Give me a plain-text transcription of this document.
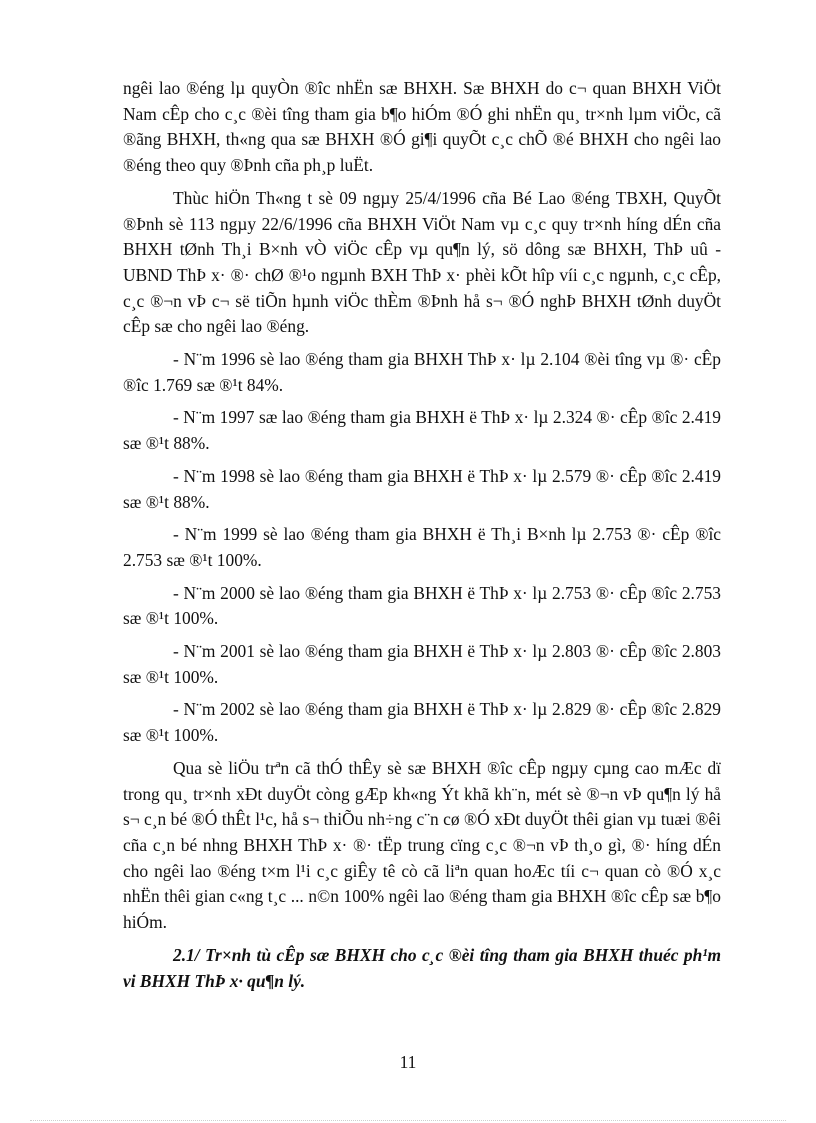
ngêi lao ®éng lµ quyÒn ®îc nhËn sæ BHXH. Sæ BHXH do c¬ quan BHXH ViÖt Nam cÊp cho c¸c ®èi tîng tham gia b¶o hiÓm ®Ó ghi nhËn qu¸ tr×nh lµm viÖc, cã ®ãng BHXH, th«ng qua sæ BHXH ®Ó gi¶i quyÕt c¸c chÕ ®é BHXH cho ngêi lao ®éng theo quy ®Þnh cña ph¸p luËt.

Thùc hiÖn Th«ng t sè 09 ngµy 25/4/1996 cña Bé Lao ®éng TBXH, QuyÕt ®Þnh sè 113 ngµy 22/6/1996 cña BHXH ViÖt Nam vµ c¸c quy tr×nh híng dÉn cña BHXH tØnh Th¸i B×nh vÒ viÖc cÊp vµ qu¶n lý, sö dông sæ BHXH, ThÞ uû - UBND ThÞ x· ®· chØ ®¹o ngµnh BXH ThÞ x· phèi kÕt hîp víi c¸c ngµnh, c¸c cÊp, c¸c ®¬n vÞ c¬ së tiÕn hµnh viÖc thÈm ®Þnh hå s¬ ®Ó nghÞ BHXH tØnh duyÖt cÊp sæ cho ngêi lao ®éng.

- N¨m 1996 sè lao ®éng tham gia BHXH ThÞ x· lµ 2.104 ®èi tîng vµ ®· cÊp ®îc 1.769 sæ ®¹t 84%.

- N¨m 1997 sæ lao ®éng tham gia BHXH ë ThÞ x· lµ 2.324 ®· cÊp ®îc 2.419 sæ ®¹t 88%.

- N¨m 1998 sè lao ®éng tham gia BHXH ë ThÞ x· lµ 2.579 ®· cÊp ®îc 2.419 sæ ®¹t 88%.

- N¨m 1999 sè lao ®éng tham gia BHXH ë Th¸i B×nh lµ 2.753 ®· cÊp ®îc 2.753 sæ ®¹t 100%.

- N¨m 2000 sè lao ®éng tham gia BHXH ë ThÞ x· lµ 2.753 ®· cÊp ®îc 2.753 sæ ®¹t 100%.

- N¨m 2001 sè lao ®éng tham gia BHXH ë ThÞ x· lµ 2.803 ®· cÊp ®îc 2.803 sæ ®¹t 100%.

- N¨m 2002 sè lao ®éng tham gia BHXH ë ThÞ x· lµ 2.829 ®· cÊp ®îc 2.829 sæ ®¹t 100%.

Qua sè liÖu trªn cã thÓ thÊy sè sæ BHXH ®îc cÊp ngµy cµng cao mÆc dï trong qu¸ tr×nh xÐt duyÖt còng gÆp kh«ng Ýt khã kh¨n, mét sè ®¬n vÞ qu¶n lý hå s¬ c¸n bé ®Ó thÊt l¹c, hå s¬ thiÕu nh÷ng c¨n cø ®Ó xÐt duyÖt thêi gian vµ tuæi ®êi cña c¸n bé nhng BHXH ThÞ x· ®· tËp trung cïng c¸c ®¬n vÞ th¸o gì, ®· híng dÉn cho ngêi lao ®éng t×m l¹i c¸c giÊy tê cò cã liªn quan hoÆc tíi c¬ quan cò ®Ó x¸c nhËn thêi gian c«ng t¸c ... n©n 100% ngêi lao ®éng tham gia BHXH ®îc cÊp sæ b¶o hiÓm.

2.1/ Tr×nh tù cÊp sæ BHXH cho c¸c ®èi tîng tham gia BHXH thuéc ph¹m vi BHXH ThÞ x· qu¶n lý.
11
